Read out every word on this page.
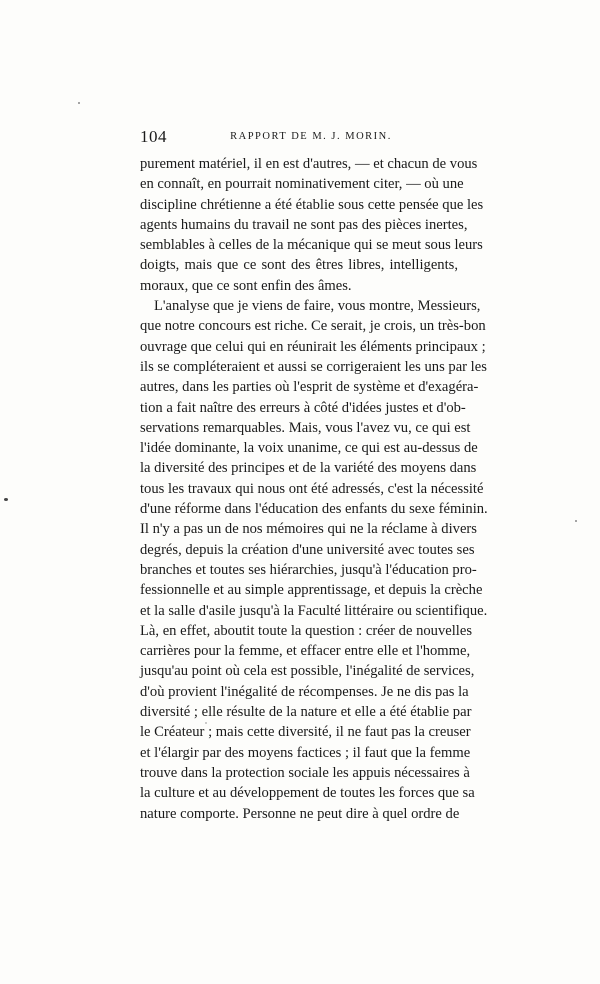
104	RAPPORT DE M. J. MORIN.

purement matériel, il en est d'autres, — et chacun de vous
en connaît, en pourrait nominativement citer, — où une
discipline chrétienne a été établie sous cette pensée que les
agents humains du travail ne sont pas des pièces inertes,
semblables à celles de la mécanique qui se meut sous leurs
doigts, mais que ce sont des êtres libres, intelligents,
moraux, que ce sont enfin des âmes.

L'analyse que je viens de faire, vous montre, Messieurs,
que notre concours est riche. Ce serait, je crois, un très-bon
ouvrage que celui qui en réunirait les éléments principaux ;
ils se compléteraient et aussi se corrigeraient les uns par les
autres, dans les parties où l'esprit de système et d'exagéra-
tion a fait naître des erreurs à côté d'idées justes et d'ob-
servations remarquables. Mais, vous l'avez vu, ce qui est
l'idée dominante, la voix unanime, ce qui est au-dessus de
la diversité des principes et de la variété des moyens dans
tous les travaux qui nous ont été adressés, c'est la nécessité
d'une réforme dans l'éducation des enfants du sexe féminin.
Il n'y a pas un de nos mémoires qui ne la réclame à divers
degrés, depuis la création d'une université avec toutes ses
branches et toutes ses hiérarchies, jusqu'à l'éducation pro-
fessionnelle et au simple apprentissage, et depuis la crèche
et la salle d'asile jusqu'à la Faculté littéraire ou scientifique.
Là, en effet, aboutit toute la question : créer de nouvelles
carrières pour la femme, et effacer entre elle et l'homme,
jusqu'au point où cela est possible, l'inégalité de services,
d'où provient l'inégalité de récompenses. Je ne dis pas la
diversité ; elle résulte de la nature et elle a été établie par
le Créateur ; mais cette diversité, il ne faut pas la creuser
et l'élargir par des moyens factices ; il faut que la femme
trouve dans la protection sociale les appuis nécessaires à
la culture et au développement de toutes les forces que sa
nature comporte. Personne ne peut dire à quel ordre de
